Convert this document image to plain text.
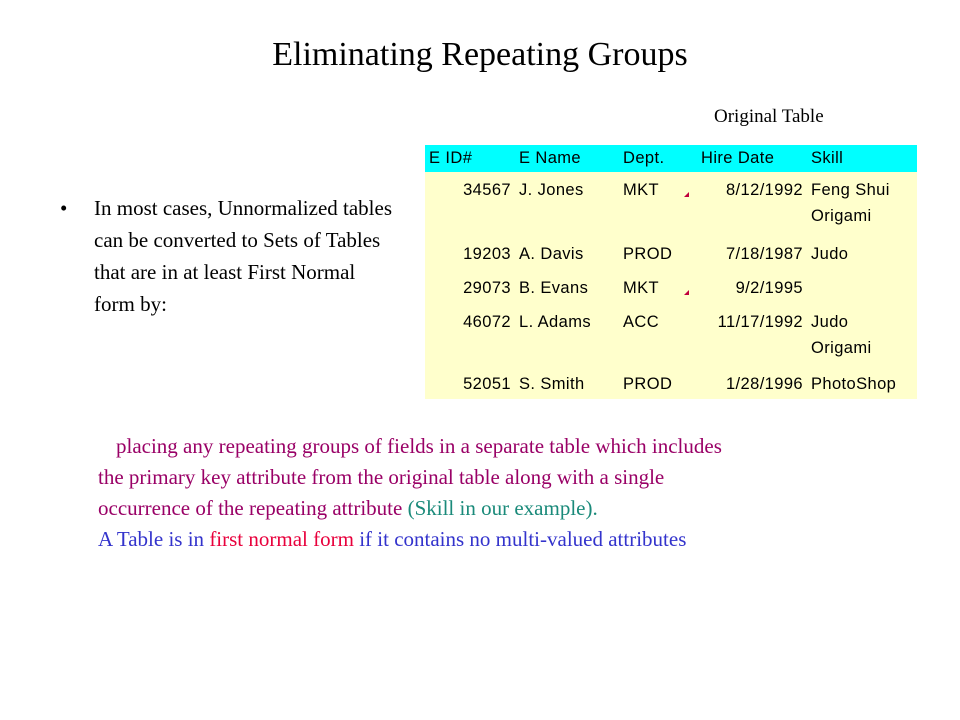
Eliminating Repeating Groups
Original Table
• In most cases, Unnormalized tables can be converted to Sets of Tables that are in at least First Normal form by:
E ID#	E Name	Dept.	Hire Date	Skill
34567	J. Jones	MKT	8/12/1992	Feng Shui
Origami

19203	A. Davis	PROD	7/18/1987	Judo

29073	B. Evans	MKT	9/2/1995	
46072	L. Adams	ACC	11/17/1992	Judo
Origami

52051	S. Smith	PROD	1/28/1996	PhotoShop

placing any repeating groups of fields in a separate table which includes

the primary key attribute from the original table along with a single

occurrence of the repeating attribute (Skill in our example).

A Table is in first normal form if it contains no multi-valued attributes
